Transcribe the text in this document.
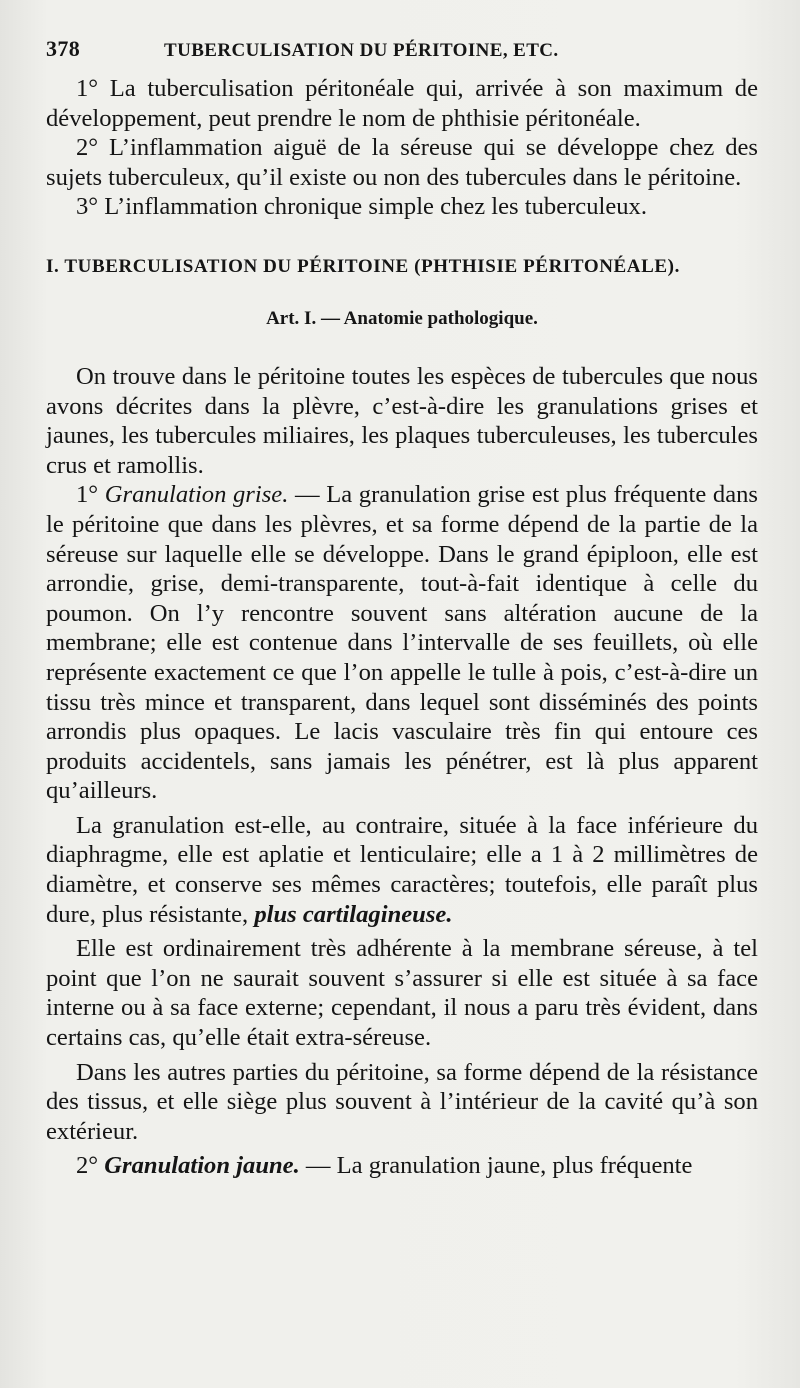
378	TUBERCULISATION DU PÉRITOINE, ETC.

1° La tuberculisation péritonéale qui, arrivée à son maximum de développement, peut prendre le nom de phthisie péritonéale.

2° L’inflammation aiguë de la séreuse qui se développe chez des sujets tuberculeux, qu’il existe ou non des tubercules dans le péritoine.

3° L’inflammation chronique simple chez les tuberculeux.

I. TUBERCULISATION DU PÉRITOINE (PHTHISIE PÉRITONÉALE).
Art. I. — Anatomie pathologique.

On trouve dans le péritoine toutes les espèces de tubercules que nous avons décrites dans la plèvre, c’est-à-dire les granulations grises et jaunes, les tubercules miliaires, les plaques tuberculeuses, les tubercules crus et ramollis.

1° Granulation grise. — La granulation grise est plus fréquente dans le péritoine que dans les plèvres, et sa forme dépend de la partie de la séreuse sur laquelle elle se développe. Dans le grand épiploon, elle est arrondie, grise, demi-transparente, tout-à-fait identique à celle du poumon. On l’y rencontre souvent sans altération aucune de la membrane; elle est contenue dans l’intervalle de ses feuillets, où elle représente exactement ce que l’on appelle le tulle à pois, c’est-à-dire un tissu très mince et transparent, dans lequel sont disséminés des points arrondis plus opaques. Le lacis vasculaire très fin qui entoure ces produits accidentels, sans jamais les pénétrer, est là plus apparent qu’ailleurs.

La granulation est-elle, au contraire, située à la face inférieure du diaphragme, elle est aplatie et lenticulaire; elle a 1 à 2 millimètres de diamètre, et conserve ses mêmes caractères; toutefois, elle paraît plus dure, plus résistante, plus cartilagineuse.

Elle est ordinairement très adhérente à la membrane séreuse, à tel point que l’on ne saurait souvent s’assurer si elle est située à sa face interne ou à sa face externe; cependant, il nous a paru très évident, dans certains cas, qu’elle était extra-séreuse.

Dans les autres parties du péritoine, sa forme dépend de la résistance des tissus, et elle siège plus souvent à l’intérieur de la cavité qu’à son extérieur.

2° Granulation jaune. — La granulation jaune, plus fréquente
